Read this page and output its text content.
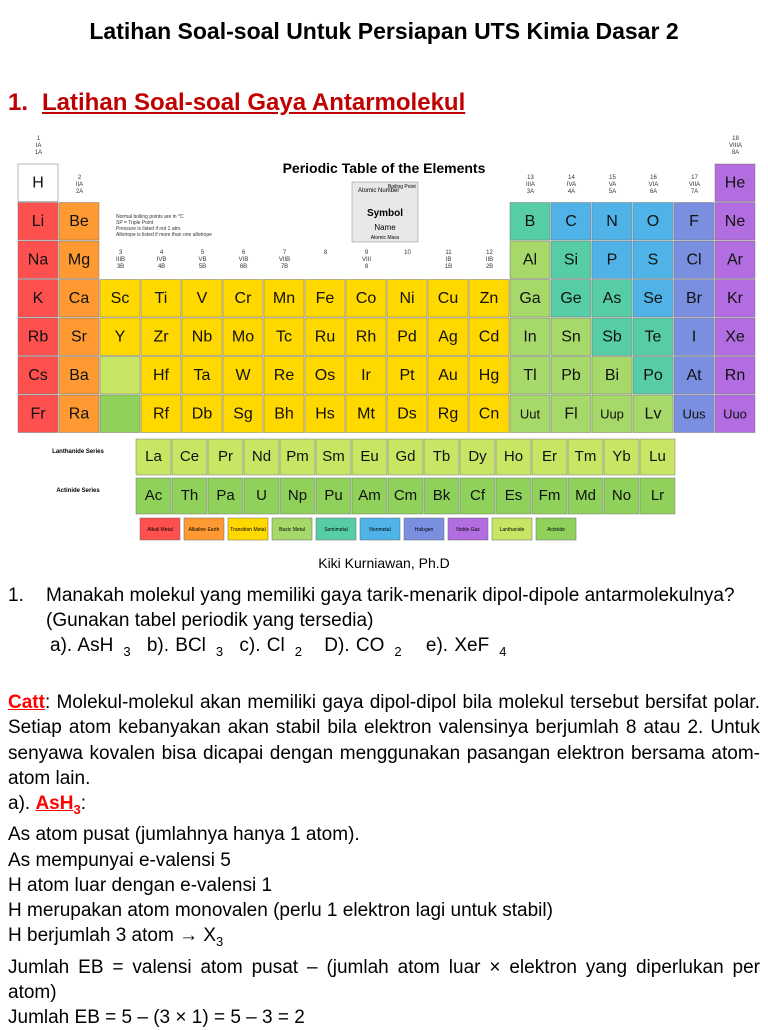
Latihan Soal-soal Untuk Persiapan UTS Kimia Dasar 2
1. Latihan Soal-soal Gaya Antarmolekul
Periodic Table of the Elements
1
IA
1A
2
IIA
2A
3
IIIB
3B
4
IVB
4B
5
VB
5B
6
VIB
6B
7
VIIB
7B
8	9
VIII
8
10	11
IB
1B
12
IIB
2B
13
IIIA
3A
14
IVA
4A
15
VA
5A
16
VIA
6A
17
VIIA
7A
18
VIIIA
8A
H	He
Li Be	B C N O F Ne
Na Mg	Al Si P S Cl Ar
K Ca Sc Ti V Cr Mn Fe Co Ni Cu Zn Ga Ge As Se Br Kr
Rb Sr Y Zr Nb Mo Tc Ru Rh Pd Ag Cd In Sn Sb Te I Xe
Cs Ba	Hf Ta W Re Os Ir Pt Au Hg Tl Pb Bi Po At Rn
Fr Ra	Rf Db Sg Bh Hs Mt Ds Rg Cn Uut Fl Uup Lv Uus Uuo
Atomic Number
Boiling Point
Symbol
Name
Atomic Mass
Normal boiling points are in °C
SP = Triple Point
Pressure is listed if not 1 atm.
Allotrope is listed if more than one allotrope
Lanthanide Series	La Ce Pr Nd Pm Sm Eu Gd Tb Dy Ho Er Tm Yb Lu
Actinide Series	Ac Th Pa U Np Pu Am Cm Bk Cf Es Fm Md No Lr
Alkali Metal	Alkaline Earth Transition Metal	Basic Metal	Semimetal	Nonmetal	Halogen	Noble Gas	Lanthanide	Actinide
Kiki Kurniawan, Ph.D
1. Manakah molekul yang memiliki gaya tarik-menarik dipol-dipole antarmolekulnya? (Gunakan tabel periodik yang tersedia)
a). AsH $_3$ b). BCl $_3$ c). Cl $_2$ D). CO $_2$ e). XeF $_4$
Catt: Molekul-molekul akan memiliki gaya dipol-dipol bila molekul tersebut bersifat polar. Setiap atom kebanyakan akan stabil bila elektron valensinya berjumlah 8 atau 2. Untuk senyawa kovalen bisa dicapai dengan menggunakan pasangan elektron bersama atom-atom lain.
a). AsH$_3$:
As atom pusat (jumlahnya hanya 1 atom).
As mempunyai e-valensi 5
H atom luar dengan e-valensi 1
H merupakan atom monovalen (perlu 1 elektron lagi untuk stabil)
H berjumlah 3 atom → $X_3$
Jumlah EB = valensi atom pusat – (jumlah atom luar × elektron yang diperlukan per atom)
Jumlah EB = 5 – (3 × 1) = 5 – 3 = 2
